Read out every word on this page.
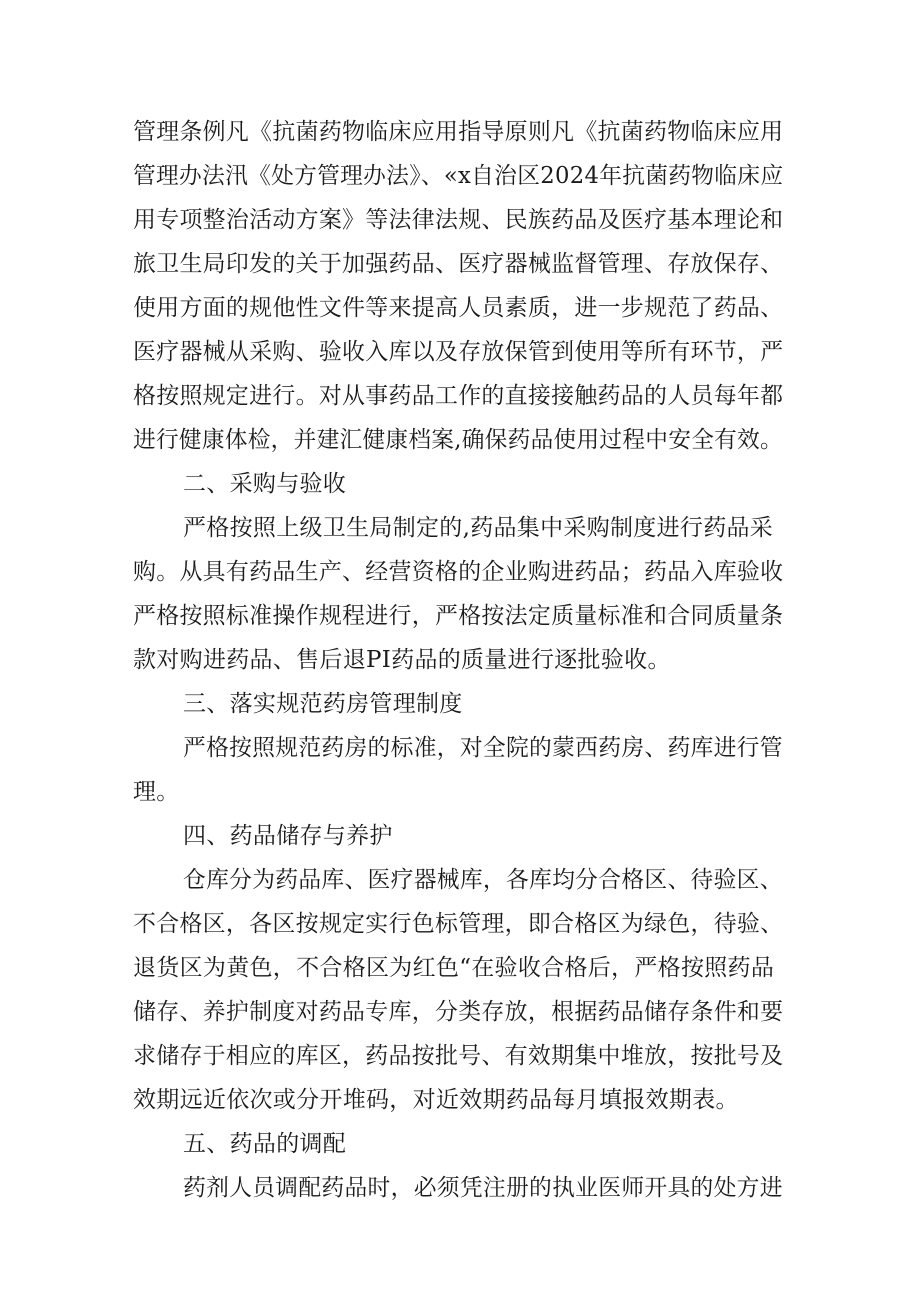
管理条例凡《抗菌药物临床应用指导原则凡《抗菌药物临床应用
管理办法汛《处方管理办法》、«x自治区2024年抗菌药物临床应
用专项整治活动方案》等法律法规、民族药品及医疗基本理论和
旅卫生局印发的关于加强药品、医疗器械监督管理、存放保存、
使用方面的规他性文件等来提高人员素质，进一步规范了药品、
医疗器械从采购、验收入库以及存放保管到使用等所有环节，严
格按照规定进行。对从事药品工作的直接接触药品的人员每年都
进行健康体检，并建汇健康档案,确保药品使用过程中安全有效。
二、采购与验收
严格按照上级卫生局制定的,药品集中采购制度进行药品采
购。从具有药品生产、经营资格的企业购进药品；药品入库验收
严格按照标准操作规程进行，严格按法定质量标准和合同质量条
款对购进药品、售后退PI药品的质量进行逐批验收。
三、落实规范药房管理制度
严格按照规范药房的标准，对全院的蒙西药房、药库进行管
理。
四、药品储存与养护
仓库分为药品库、医疗器械库，各库均分合格区、待验区、
不合格区，各区按规定实行色标管理，即合格区为绿色，待验、
退货区为黄色，不合格区为红色“在验收合格后，严格按照药品
储存、养护制度对药品专库，分类存放，根据药品储存条件和要
求储存于相应的库区，药品按批号、有效期集中堆放，按批号及
效期远近依次或分开堆码，对近效期药品每月填报效期表。
五、药品的调配
药剂人员调配药品时，必须凭注册的执业医师开具的处方进
